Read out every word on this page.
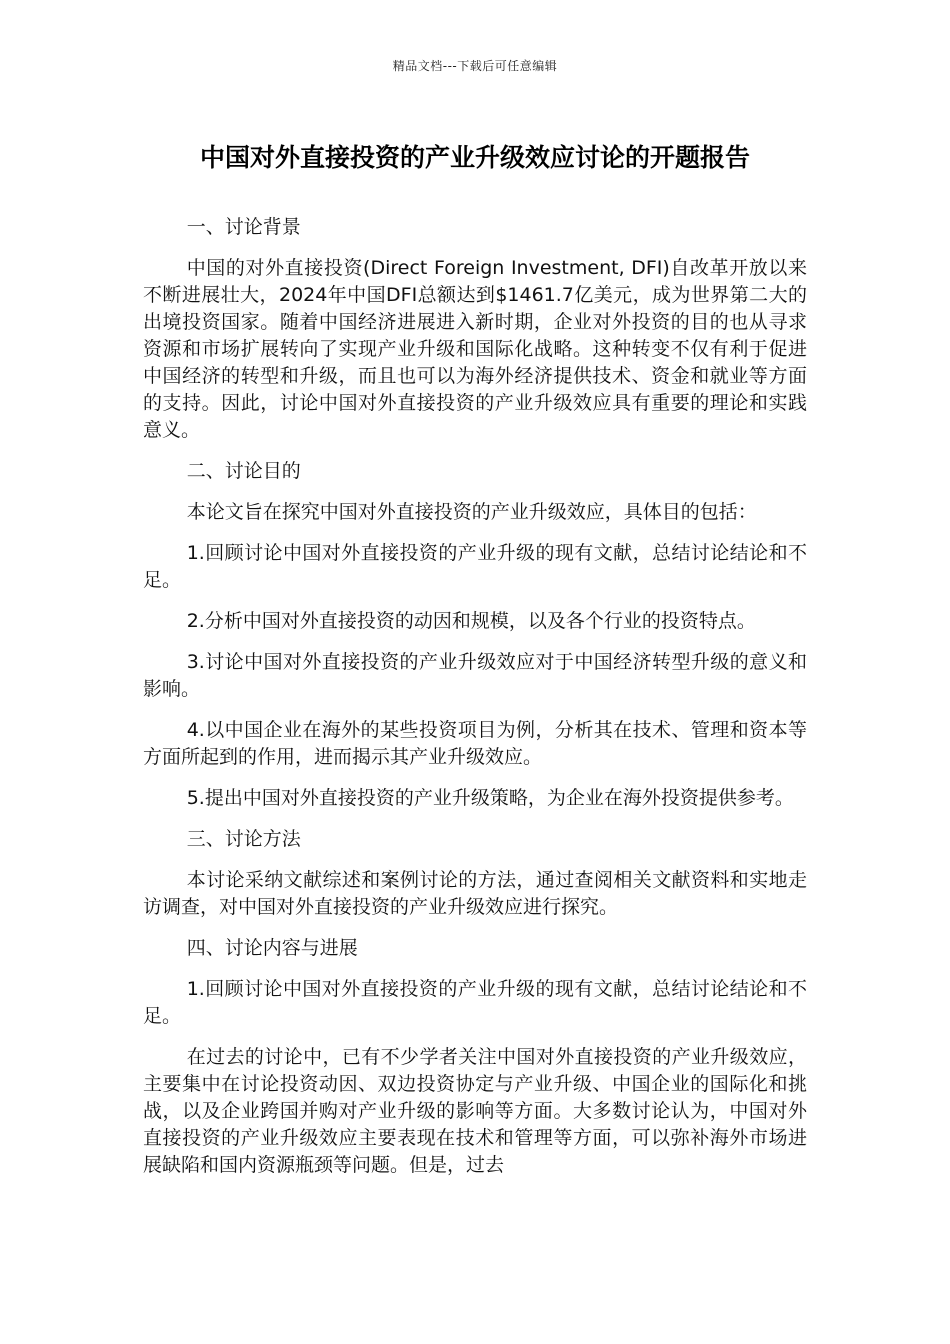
精品文档---下载后可任意编辑
中国对外直接投资的产业升级效应讨论的开题报告

一、讨论背景

中国的对外直接投资(Direct Foreign Investment, DFI)自改革开放以来不断进展壮大，2024年中国DFI总额达到$1461.7亿美元，成为世界第二大的出境投资国家。随着中国经济进展进入新时期，企业对外投资的目的也从寻求资源和市场扩展转向了实现产业升级和国际化战略。这种转变不仅有利于促进中国经济的转型和升级，而且也可以为海外经济提供技术、资金和就业等方面的支持。因此，讨论中国对外直接投资的产业升级效应具有重要的理论和实践意义。

二、讨论目的

本论文旨在探究中国对外直接投资的产业升级效应，具体目的包括：

1.回顾讨论中国对外直接投资的产业升级的现有文献，总结讨论结论和不足。

2.分析中国对外直接投资的动因和规模，以及各个行业的投资特点。

3.讨论中国对外直接投资的产业升级效应对于中国经济转型升级的意义和影响。

4.以中国企业在海外的某些投资项目为例，分析其在技术、管理和资本等方面所起到的作用，进而揭示其产业升级效应。

5.提出中国对外直接投资的产业升级策略，为企业在海外投资提供参考。

三、讨论方法

本讨论采纳文献综述和案例讨论的方法，通过查阅相关文献资料和实地走访调查，对中国对外直接投资的产业升级效应进行探究。

四、讨论内容与进展

1.回顾讨论中国对外直接投资的产业升级的现有文献，总结讨论结论和不足。

在过去的讨论中，已有不少学者关注中国对外直接投资的产业升级效应，主要集中在讨论投资动因、双边投资协定与产业升级、中国企业的国际化和挑战，以及企业跨国并购对产业升级的影响等方面。大多数讨论认为，中国对外直接投资的产业升级效应主要表现在技术和管理等方面，可以弥补海外市场进展缺陷和国内资源瓶颈等问题。但是，过去
